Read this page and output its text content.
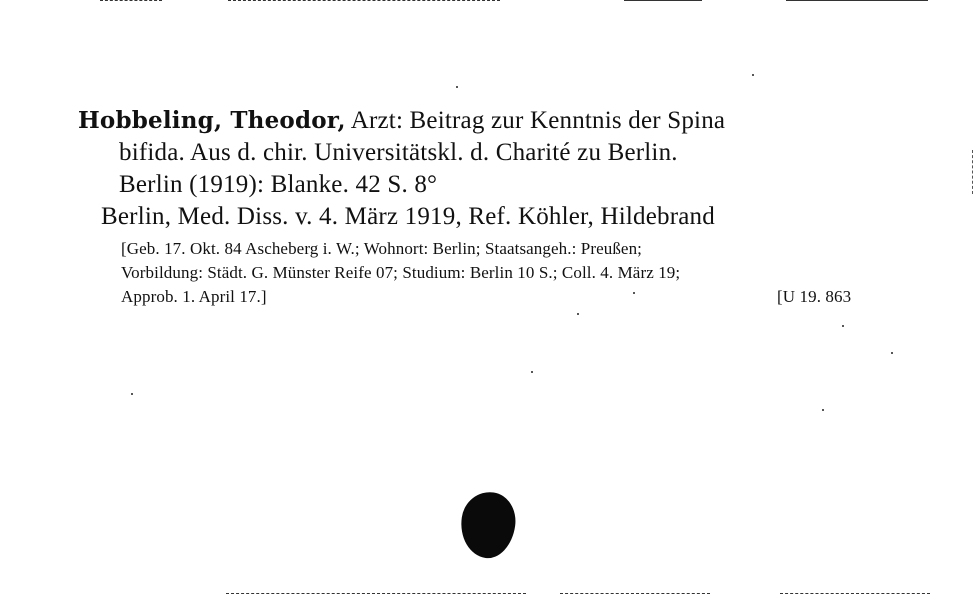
Hobbeling, Theodor, Arzt: Beitrag zur Kenntnis der Spina
bifida. Aus d. chir. Universitätskl. d. Charité zu Berlin.
Berlin (1919): Blanke. 42 S. 8°
Berlin, Med. Diss. v. 4. März 1919, Ref. Köhler, Hildebrand
[Geb. 17. Okt. 84 Ascheberg i. W.; Wohnort: Berlin; Staatsangeh.: Preußen;
Vorbildung: Städt. G. Münster Reife 07; Studium: Berlin 10 S.; Coll. 4. März 19;
Approb. 1. April 17.]	[U 19. 863
